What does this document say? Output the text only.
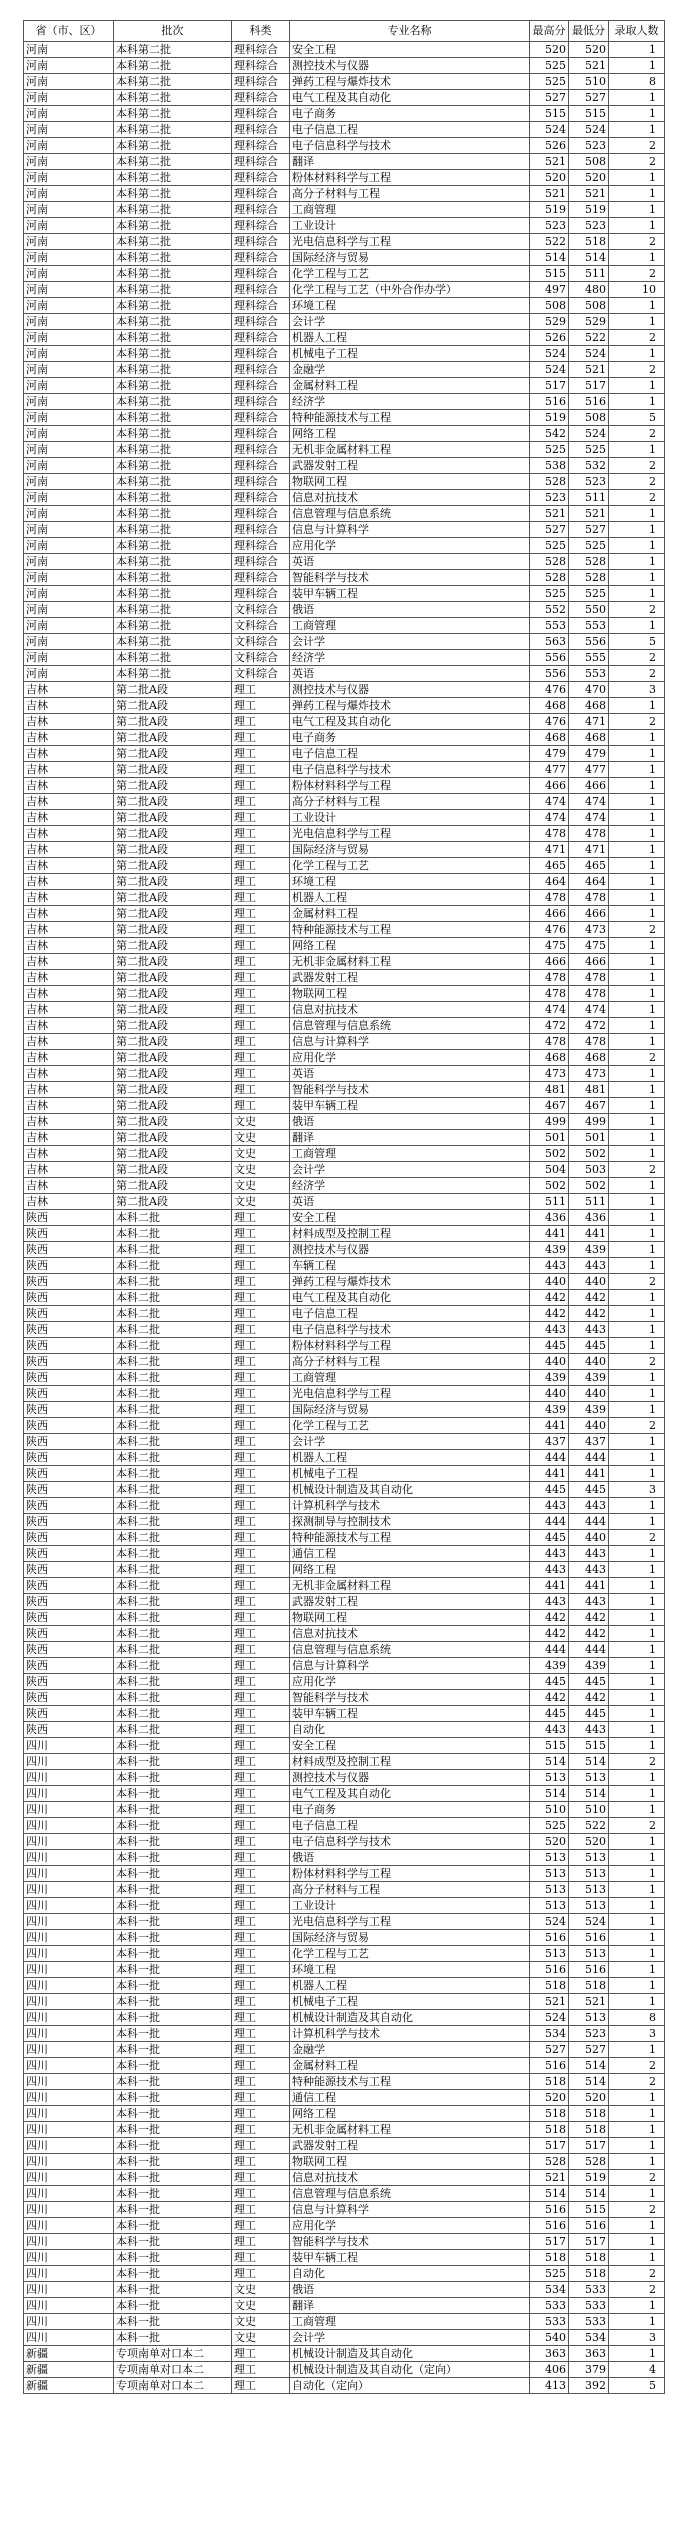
省（市、区）	批次	科类	专业名称	最高分	最低分	录取人数
河南	本科第二批	理科综合	安全工程	520	520	1
河南	本科第二批	理科综合	测控技术与仪器	525	521	1
河南	本科第二批	理科综合	弹药工程与爆炸技术	525	510	8
河南	本科第二批	理科综合	电气工程及其自动化	527	527	1
河南	本科第二批	理科综合	电子商务	515	515	1
河南	本科第二批	理科综合	电子信息工程	524	524	1
河南	本科第二批	理科综合	电子信息科学与技术	526	523	2
河南	本科第二批	理科综合	翻译	521	508	2
河南	本科第二批	理科综合	粉体材料科学与工程	520	520	1
河南	本科第二批	理科综合	高分子材料与工程	521	521	1
河南	本科第二批	理科综合	工商管理	519	519	1
河南	本科第二批	理科综合	工业设计	523	523	1
河南	本科第二批	理科综合	光电信息科学与工程	522	518	2
河南	本科第二批	理科综合	国际经济与贸易	514	514	1
河南	本科第二批	理科综合	化学工程与工艺	515	511	2
河南	本科第二批	理科综合	化学工程与工艺（中外合作办学）	497	480	10
河南	本科第二批	理科综合	环境工程	508	508	1
河南	本科第二批	理科综合	会计学	529	529	1
河南	本科第二批	理科综合	机器人工程	526	522	2
河南	本科第二批	理科综合	机械电子工程	524	524	1
河南	本科第二批	理科综合	金融学	524	521	2
河南	本科第二批	理科综合	金属材料工程	517	517	1
河南	本科第二批	理科综合	经济学	516	516	1
河南	本科第二批	理科综合	特种能源技术与工程	519	508	5
河南	本科第二批	理科综合	网络工程	542	524	2
河南	本科第二批	理科综合	无机非金属材料工程	525	525	1
河南	本科第二批	理科综合	武器发射工程	538	532	2
河南	本科第二批	理科综合	物联网工程	528	523	2
河南	本科第二批	理科综合	信息对抗技术	523	511	2
河南	本科第二批	理科综合	信息管理与信息系统	521	521	1
河南	本科第二批	理科综合	信息与计算科学	527	527	1
河南	本科第二批	理科综合	应用化学	525	525	1
河南	本科第二批	理科综合	英语	528	528	1
河南	本科第二批	理科综合	智能科学与技术	528	528	1
河南	本科第二批	理科综合	装甲车辆工程	525	525	1
河南	本科第二批	文科综合	俄语	552	550	2
河南	本科第二批	文科综合	工商管理	553	553	1
河南	本科第二批	文科综合	会计学	563	556	5
河南	本科第二批	文科综合	经济学	556	555	2
河南	本科第二批	文科综合	英语	556	553	2
吉林	第二批A段	理工	测控技术与仪器	476	470	3
吉林	第二批A段	理工	弹药工程与爆炸技术	468	468	1
吉林	第二批A段	理工	电气工程及其自动化	476	471	2
吉林	第二批A段	理工	电子商务	468	468	1
吉林	第二批A段	理工	电子信息工程	479	479	1
吉林	第二批A段	理工	电子信息科学与技术	477	477	1
吉林	第二批A段	理工	粉体材料科学与工程	466	466	1
吉林	第二批A段	理工	高分子材料与工程	474	474	1
吉林	第二批A段	理工	工业设计	474	474	1
吉林	第二批A段	理工	光电信息科学与工程	478	478	1
吉林	第二批A段	理工	国际经济与贸易	471	471	1
吉林	第二批A段	理工	化学工程与工艺	465	465	1
吉林	第二批A段	理工	环境工程	464	464	1
吉林	第二批A段	理工	机器人工程	478	478	1
吉林	第二批A段	理工	金属材料工程	466	466	1
吉林	第二批A段	理工	特种能源技术与工程	476	473	2
吉林	第二批A段	理工	网络工程	475	475	1
吉林	第二批A段	理工	无机非金属材料工程	466	466	1
吉林	第二批A段	理工	武器发射工程	478	478	1
吉林	第二批A段	理工	物联网工程	478	478	1
吉林	第二批A段	理工	信息对抗技术	474	474	1
吉林	第二批A段	理工	信息管理与信息系统	472	472	1
吉林	第二批A段	理工	信息与计算科学	478	478	1
吉林	第二批A段	理工	应用化学	468	468	2
吉林	第二批A段	理工	英语	473	473	1
吉林	第二批A段	理工	智能科学与技术	481	481	1
吉林	第二批A段	理工	装甲车辆工程	467	467	1
吉林	第二批A段	文史	俄语	499	499	1
吉林	第二批A段	文史	翻译	501	501	1
吉林	第二批A段	文史	工商管理	502	502	1
吉林	第二批A段	文史	会计学	504	503	2
吉林	第二批A段	文史	经济学	502	502	1
吉林	第二批A段	文史	英语	511	511	1
陕西	本科二批	理工	安全工程	436	436	1
陕西	本科二批	理工	材料成型及控制工程	441	441	1
陕西	本科二批	理工	测控技术与仪器	439	439	1
陕西	本科二批	理工	车辆工程	443	443	1
陕西	本科二批	理工	弹药工程与爆炸技术	440	440	2
陕西	本科二批	理工	电气工程及其自动化	442	442	1
陕西	本科二批	理工	电子信息工程	442	442	1
陕西	本科二批	理工	电子信息科学与技术	443	443	1
陕西	本科二批	理工	粉体材料科学与工程	445	445	1
陕西	本科二批	理工	高分子材料与工程	440	440	2
陕西	本科二批	理工	工商管理	439	439	1
陕西	本科二批	理工	光电信息科学与工程	440	440	1
陕西	本科二批	理工	国际经济与贸易	439	439	1
陕西	本科二批	理工	化学工程与工艺	441	440	2
陕西	本科二批	理工	会计学	437	437	1
陕西	本科二批	理工	机器人工程	444	444	1
陕西	本科二批	理工	机械电子工程	441	441	1
陕西	本科二批	理工	机械设计制造及其自动化	445	445	3
陕西	本科二批	理工	计算机科学与技术	443	443	1
陕西	本科二批	理工	探测制导与控制技术	444	444	1
陕西	本科二批	理工	特种能源技术与工程	445	440	2
陕西	本科二批	理工	通信工程	443	443	1
陕西	本科二批	理工	网络工程	443	443	1
陕西	本科二批	理工	无机非金属材料工程	441	441	1
陕西	本科二批	理工	武器发射工程	443	443	1
陕西	本科二批	理工	物联网工程	442	442	1
陕西	本科二批	理工	信息对抗技术	442	442	1
陕西	本科二批	理工	信息管理与信息系统	444	444	1
陕西	本科二批	理工	信息与计算科学	439	439	1
陕西	本科二批	理工	应用化学	445	445	1
陕西	本科二批	理工	智能科学与技术	442	442	1
陕西	本科二批	理工	装甲车辆工程	445	445	1
陕西	本科二批	理工	自动化	443	443	1
四川	本科一批	理工	安全工程	515	515	1
四川	本科一批	理工	材料成型及控制工程	514	514	2
四川	本科一批	理工	测控技术与仪器	513	513	1
四川	本科一批	理工	电气工程及其自动化	514	514	1
四川	本科一批	理工	电子商务	510	510	1
四川	本科一批	理工	电子信息工程	525	522	2
四川	本科一批	理工	电子信息科学与技术	520	520	1
四川	本科一批	理工	俄语	513	513	1
四川	本科一批	理工	粉体材料科学与工程	513	513	1
四川	本科一批	理工	高分子材料与工程	513	513	1
四川	本科一批	理工	工业设计	513	513	1
四川	本科一批	理工	光电信息科学与工程	524	524	1
四川	本科一批	理工	国际经济与贸易	516	516	1
四川	本科一批	理工	化学工程与工艺	513	513	1
四川	本科一批	理工	环境工程	516	516	1
四川	本科一批	理工	机器人工程	518	518	1
四川	本科一批	理工	机械电子工程	521	521	1
四川	本科一批	理工	机械设计制造及其自动化	524	513	8
四川	本科一批	理工	计算机科学与技术	534	523	3
四川	本科一批	理工	金融学	527	527	1
四川	本科一批	理工	金属材料工程	516	514	2
四川	本科一批	理工	特种能源技术与工程	518	514	2
四川	本科一批	理工	通信工程	520	520	1
四川	本科一批	理工	网络工程	518	518	1
四川	本科一批	理工	无机非金属材料工程	518	518	1
四川	本科一批	理工	武器发射工程	517	517	1
四川	本科一批	理工	物联网工程	528	528	1
四川	本科一批	理工	信息对抗技术	521	519	2
四川	本科一批	理工	信息管理与信息系统	514	514	1
四川	本科一批	理工	信息与计算科学	516	515	2
四川	本科一批	理工	应用化学	516	516	1
四川	本科一批	理工	智能科学与技术	517	517	1
四川	本科一批	理工	装甲车辆工程	518	518	1
四川	本科一批	理工	自动化	525	518	2
四川	本科一批	文史	俄语	534	533	2
四川	本科一批	文史	翻译	533	533	1
四川	本科一批	文史	工商管理	533	533	1
四川	本科一批	文史	会计学	540	534	3
新疆	专项南单对口本二	理工	机械设计制造及其自动化	363	363	1
新疆	专项南单对口本二	理工	机械设计制造及其自动化（定向）	406	379	4
新疆	专项南单对口本二	理工	自动化（定向）	413	392	5
